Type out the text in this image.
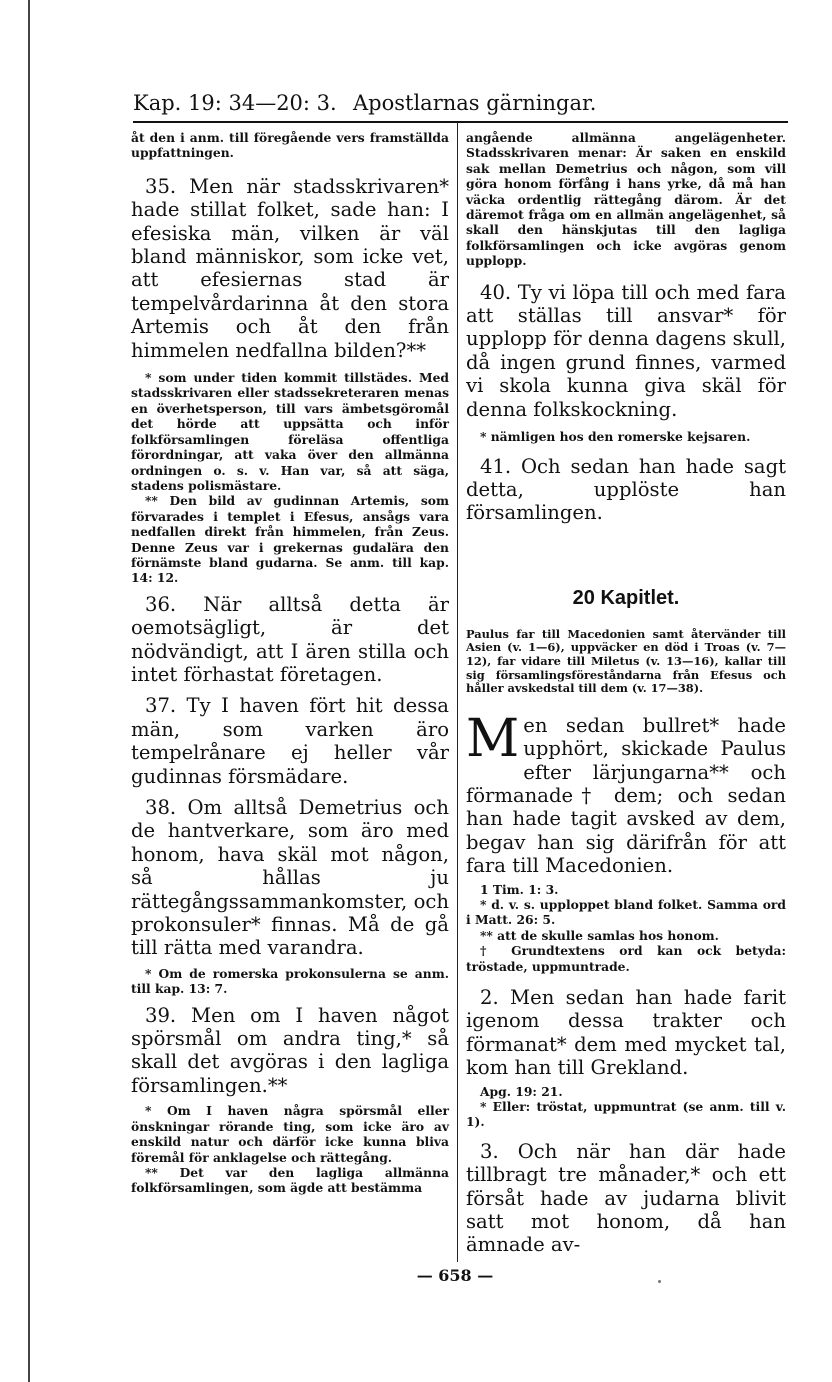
Kap. 19: 34—20: 3. Apostlarnas gärningar.

åt den i anm. till föregående vers framställda uppfattningen.

35. Men när stadsskrivaren* hade stillat folket, sade han: I efesiska män, vilken är väl bland människor, som icke vet, att efesiernas stad är tempelvårdarinna åt den stora Artemis och åt den från himmelen nedfallna bilden?**

* som under tiden kommit tillstädes. Med stadsskrivaren eller stadssekreteraren menas en överhetsperson, till vars ämbetsgöromål det hörde att uppsätta och inför folkförsamlingen föreläsa offentliga förordningar, att vaka över den allmänna ordningen o. s. v. Han var, så att säga, stadens polismästare.

** Den bild av gudinnan Artemis, som förvarades i templet i Efesus, ansågs vara nedfallen direkt från himmelen, från Zeus. Denne Zeus var i grekernas gudalära den förnämste bland gudarna. Se anm. till kap. 14: 12.

36. När alltså detta är oemotsägligt, är det nödvändigt, att I ären stilla och intet förhastat företagen.

37. Ty I haven fört hit dessa män, som varken äro tempelrånare ej heller vår gudinnas försmädare.

38. Om alltså Demetrius och de hantverkare, som äro med honom, hava skäl mot någon, så hållas ju rättegångssammankomster, och prokonsuler* finnas. Må de gå till rätta med varandra.

* Om de romerska prokonsulerna se anm. till kap. 13: 7.

39. Men om I haven något spörsmål om andra ting,* så skall det avgöras i den lagliga församlingen.**

* Om I haven några spörsmål eller önskningar rörande ting, som icke äro av enskild natur och därför icke kunna bliva föremål för anklagelse och rättegång.

** Det var den lagliga allmänna folkförsamlingen, som ägde att bestämma

angående allmänna angelägenheter. Stadsskrivaren menar: Är saken en enskild sak mellan Demetrius och någon, som vill göra honom förfång i hans yrke, då må han väcka ordentlig rättegång därom. Är det däremot fråga om en allmän angelägenhet, så skall den hänskjutas till den lagliga folkförsamlingen och icke avgöras genom upplopp.

40. Ty vi löpa till och med fara att ställas till ansvar* för upplopp för denna dagens skull, då ingen grund finnes, varmed vi skola kunna giva skäl för denna folkskockning.

* nämligen hos den romerske kejsaren.

41. Och sedan han hade sagt detta, upplöste han församlingen.

20 Kapitlet.

Paulus far till Macedonien samt återvänder till Asien (v. 1—6), uppväcker en död i Troas (v. 7—12), far vidare till Miletus (v. 13—16), kallar till sig församlingsföreståndarna från Efesus och håller avskedstal till dem (v. 17—38).

Men sedan bullret* hade upphört, skickade Paulus efter lärjungarna** och förmanade† dem; och sedan han hade tagit avsked av dem, begav han sig därifrån för att fara till Macedonien.

1 Tim. 1: 3.

* d. v. s. upploppet bland folket. Samma ord i Matt. 26: 5.

** att de skulle samlas hos honom.

† Grundtextens ord kan ock betyda: tröstade, uppmuntrade.

2. Men sedan han hade farit igenom dessa trakter och förmanat* dem med mycket tal, kom han till Grekland.

Apg. 19: 21.

* Eller: tröstat, uppmuntrat (se anm. till v. 1).

3. Och när han där hade tillbragt tre månader,* och ett försåt hade av judarna blivit satt mot honom, då han ämnade av-

— 658 —
